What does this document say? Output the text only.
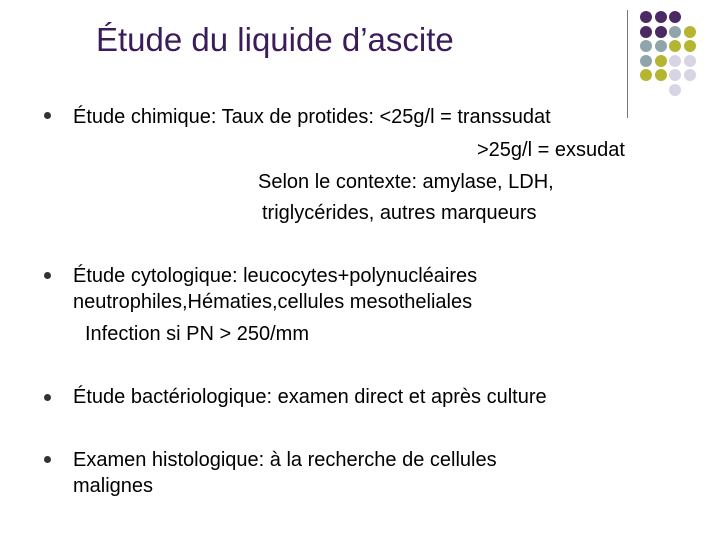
Étude du liquide d’ascite
Étude chimique: Taux de protides: <25g/l = transsudat
>25g/l = exsudat
Selon le contexte: amylase, LDH,
triglycérides, autres marqueurs
Étude cytologique: leucocytes+polynucléaires
neutrophiles,Hématies,cellules mesotheliales
Infection si PN > 250/mm
Étude bactériologique: examen direct et après culture
Examen histologique: à la recherche de cellules
malignes
